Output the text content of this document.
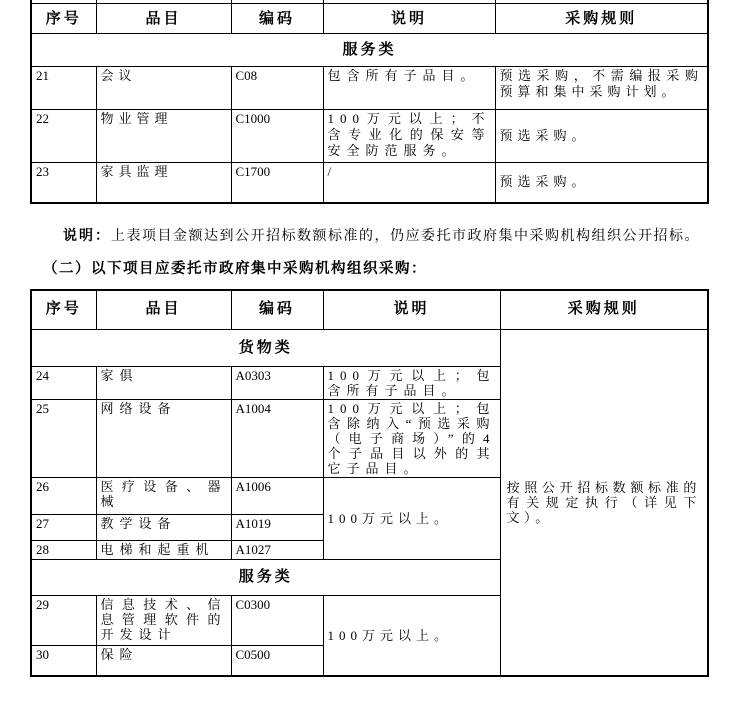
序号	品目	编码	说明	采购规则
服务类				
21	会议	C08	包含所有子品目。	预选采购，不需编报采购预算和集中采购计划。
22	物业管理	C1000	100万元以上；不含专业化的保安等安全防范服务。	预选采购。
23	家具监理	C1700	/	预选采购。

说明：上表项目金额达到公开招标数额标准的，仍应委托市政府集中采购机构组织公开招标。

（二）以下项目应委托市政府集中采购机构组织采购：

序号	品目	编码	说明	采购规则
货物类				按照公开招标数额标准的有关规定执行（详见下文）。
24	家俱	A0303	100万元以上；包含所有子品目。	
25	网络设备	A1004	100万元以上；包含除纳入“预选采购（电子商场）”的4个子品目以外的其它子品目。	
26	医疗设备、器械	A1006	100万元以上。	
27	教学设备	A1019		
28	电梯和起重机	A1027		
服务类				
29	信息技术、信息管理软件的开发设计	C0300	100万元以上。	
30	保险	C0500		
